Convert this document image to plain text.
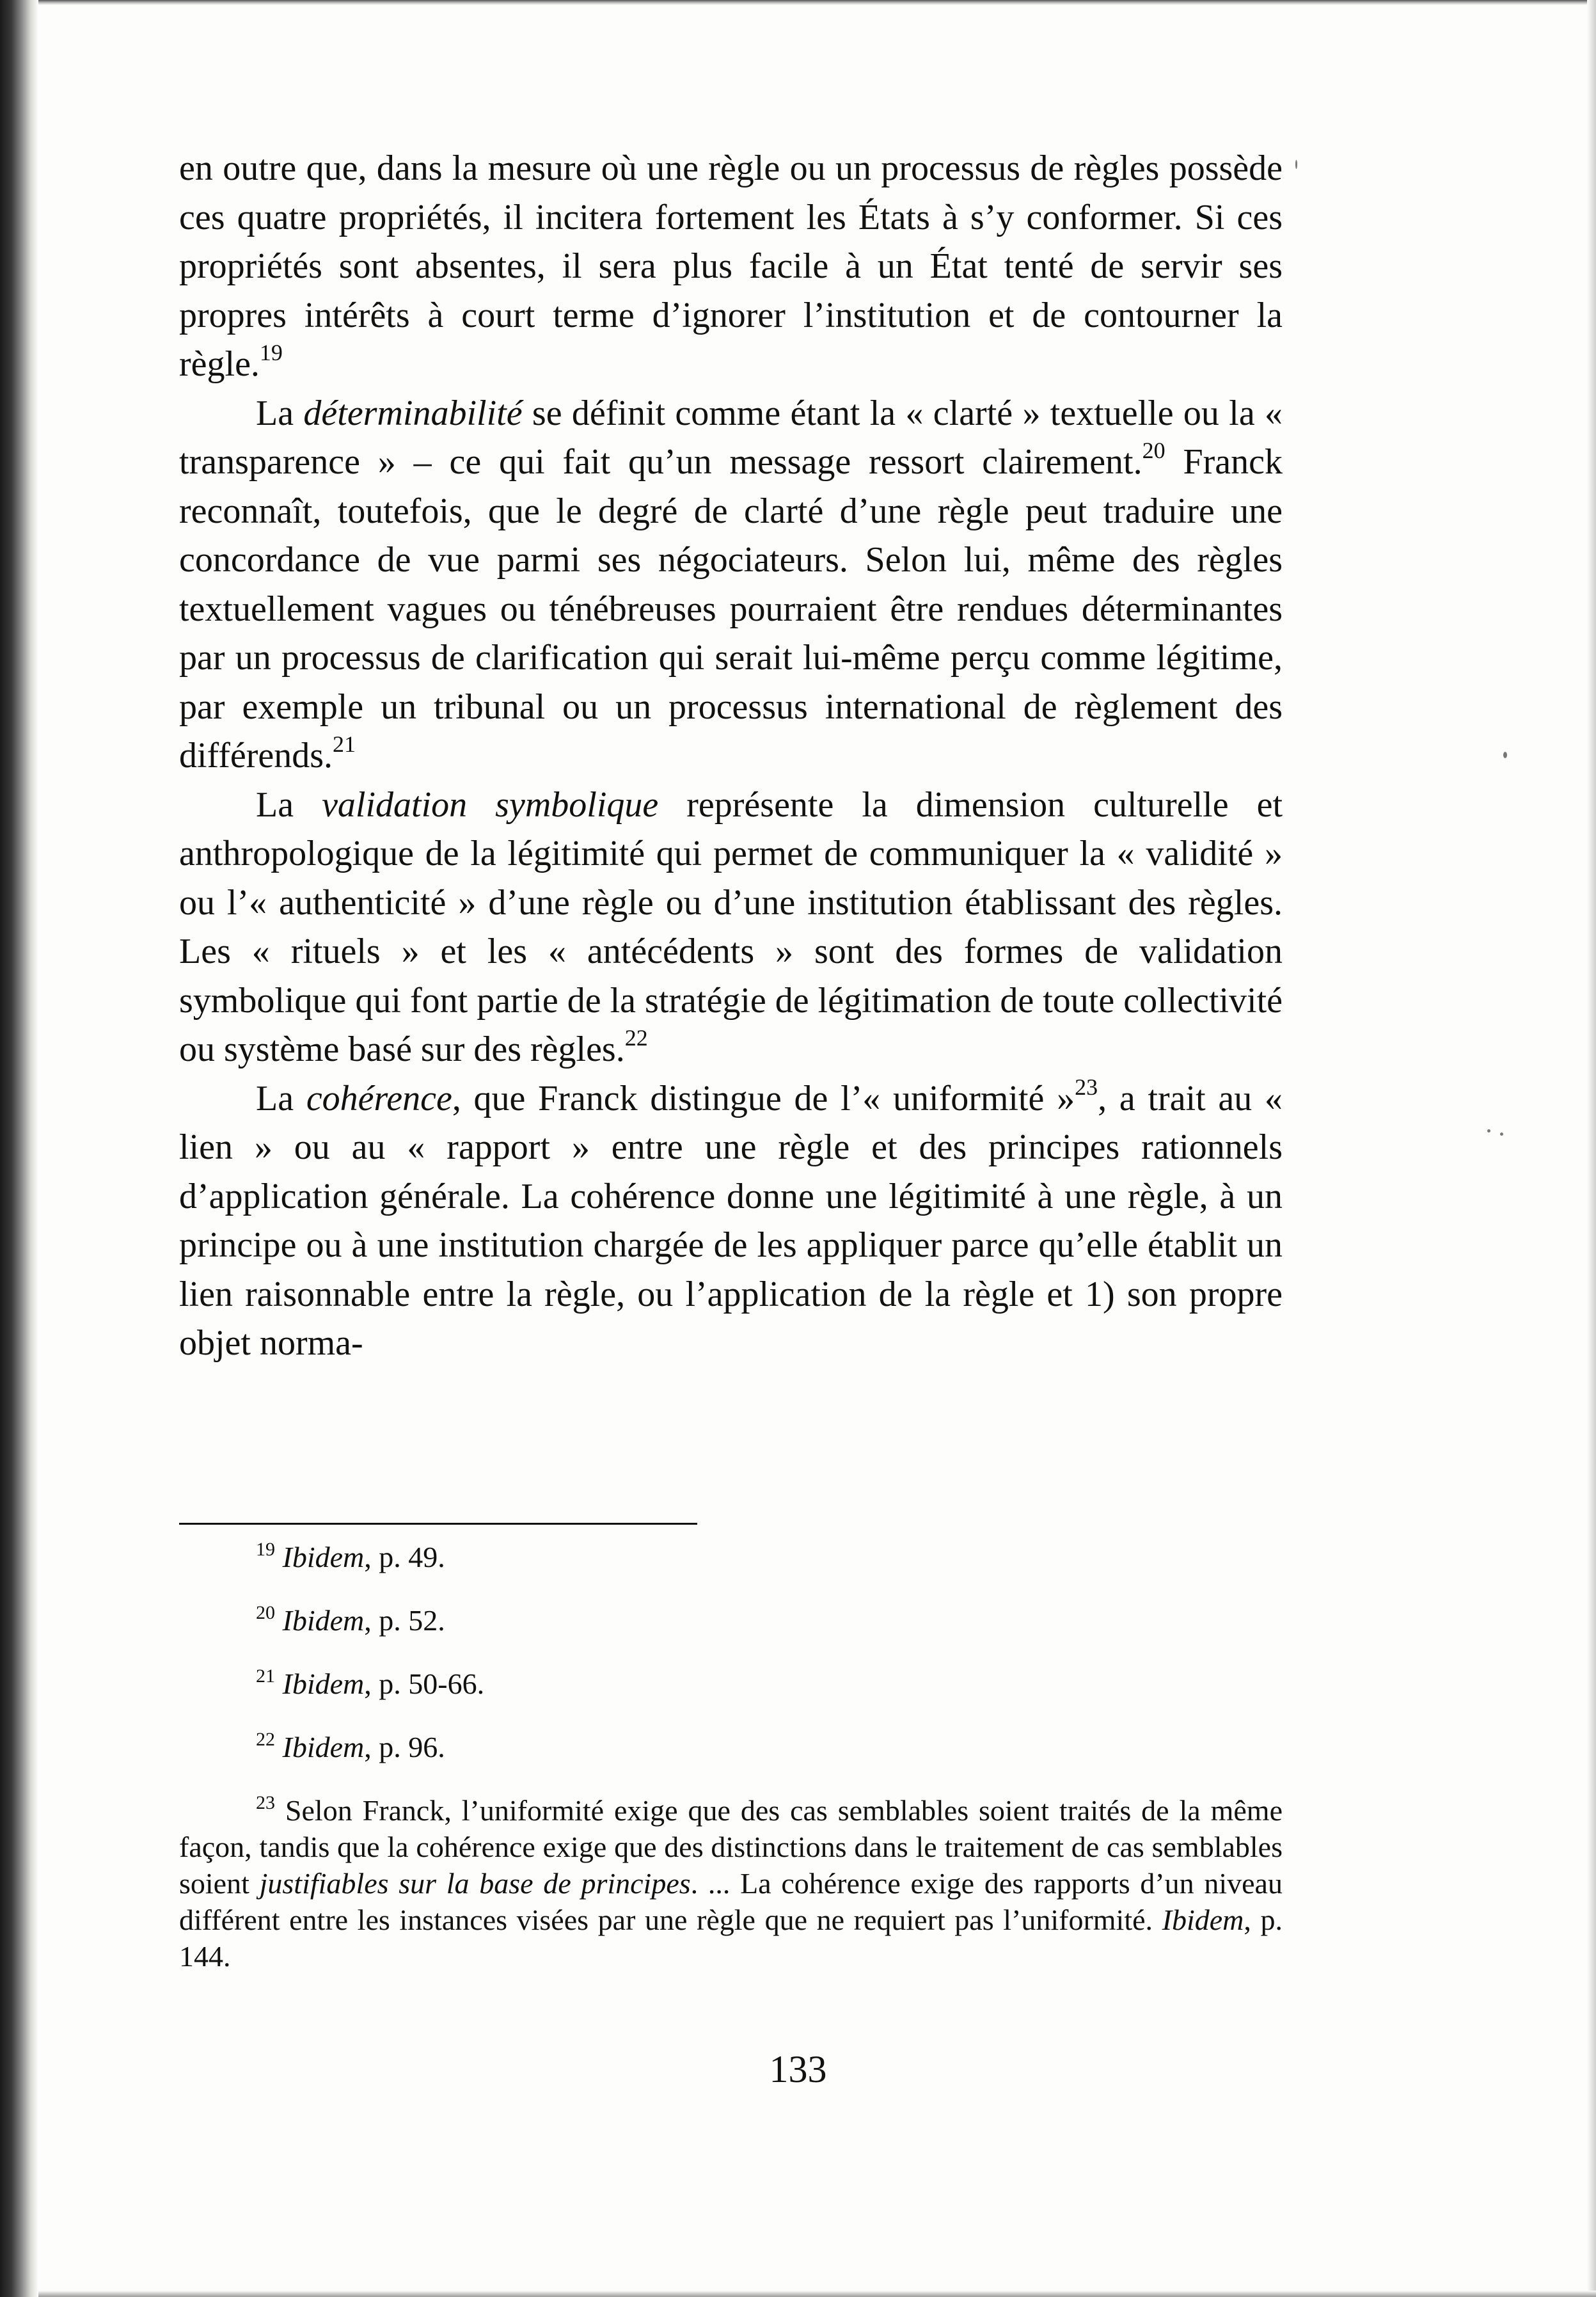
en outre que, dans la mesure où une règle ou un processus de règles possède ces quatre propriétés, il incitera fortement les États à s’y conformer. Si ces propriétés sont absentes, il sera plus facile à un État tenté de servir ses propres intérêts à court terme d’ignorer l’institution et de contourner la règle.$^{19}$

La déterminabilité se définit comme étant la « clarté » textuelle ou la « transparence » – ce qui fait qu’un message ressort clairement.$^{20}$ Franck reconnaît, toutefois, que le degré de clarté d’une règle peut traduire une concordance de vue parmi ses négociateurs. Selon lui, même des règles textuellement vagues ou ténébreuses pourraient être rendues déterminantes par un processus de clarification qui serait lui-même perçu comme légitime, par exemple un tribunal ou un processus international de règlement des différends.$^{21}$

La validation symbolique représente la dimension culturelle et anthropologique de la légitimité qui permet de communiquer la « validité » ou l’« authenticité » d’une règle ou d’une institution établissant des règles. Les « rituels » et les « antécédents » sont des formes de validation symbolique qui font partie de la stratégie de légitimation de toute collectivité ou système basé sur des règles.$^{22}$

La cohérence, que Franck distingue de l’« uniformité »$^{23}$, a trait au « lien » ou au « rapport » entre une règle et des principes rationnels d’application générale. La cohérence donne une légitimité à une règle, à un principe ou à une institution chargée de les appliquer parce qu’elle établit un lien raisonnable entre la règle, ou l’application de la règle et 1) son propre objet norma-

$^{19}$ Ibidem, p. 49.

$^{20}$ Ibidem, p. 52.

$^{21}$ Ibidem, p. 50-66.

$^{22}$ Ibidem, p. 96.

$^{23}$ Selon Franck, l’uniformité exige que des cas semblables soient traités de la même façon, tandis que la cohérence exige que des distinctions dans le traitement de cas semblables soient justifiables sur la base de principes. ... La cohérence exige des rapports d’un niveau différent entre les instances visées par une règle que ne requiert pas l’uniformité. Ibidem, p. 144.

133
